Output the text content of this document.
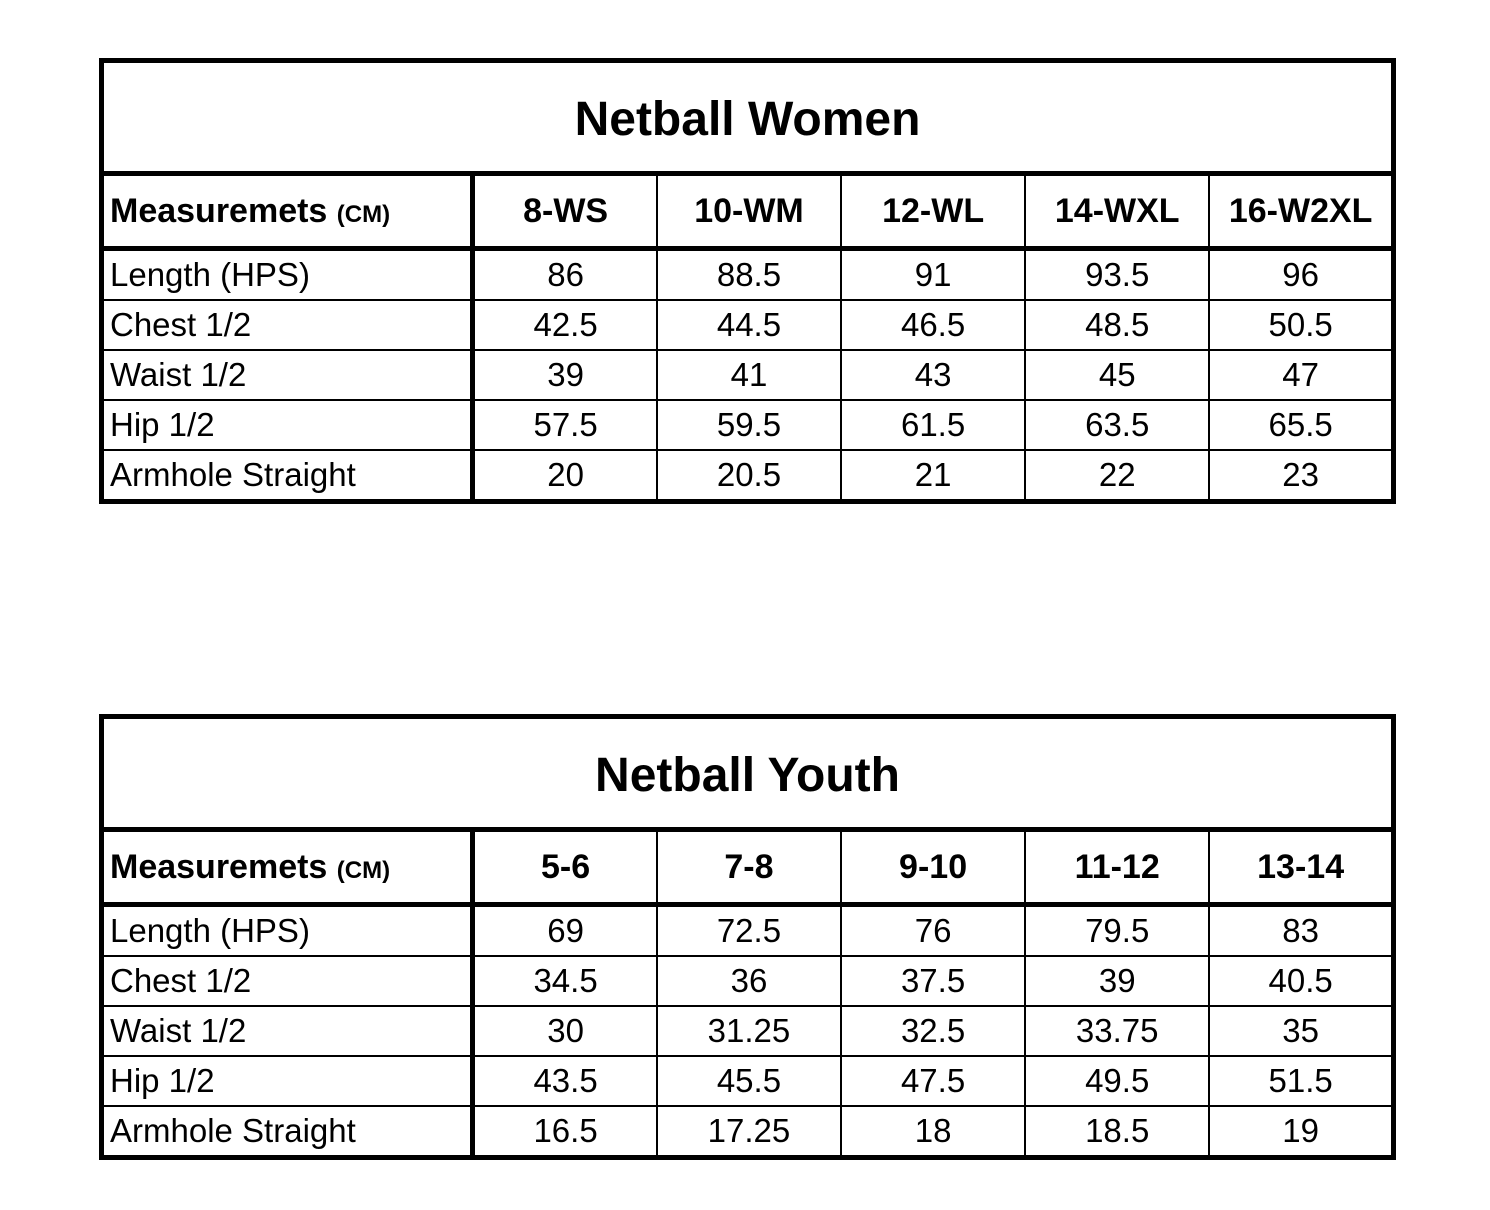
Netball Women					
Measuremets (CM)	8-WS	10-WM	12-WL	14-WXL	16-W2XL
Length (HPS)	86	88.5	91	93.5	96
Chest 1/2	42.5	44.5	46.5	48.5	50.5
Waist 1/2	39	41	43	45	47
Hip 1/2	57.5	59.5	61.5	63.5	65.5
Armhole Straight	20	20.5	21	22	23
Netball Youth					
Measuremets (CM)	5-6	7-8	9-10	11-12	13-14
Length (HPS)	69	72.5	76	79.5	83
Chest 1/2	34.5	36	37.5	39	40.5
Waist 1/2	30	31.25	32.5	33.75	35
Hip 1/2	43.5	45.5	47.5	49.5	51.5
Armhole Straight	16.5	17.25	18	18.5	19
